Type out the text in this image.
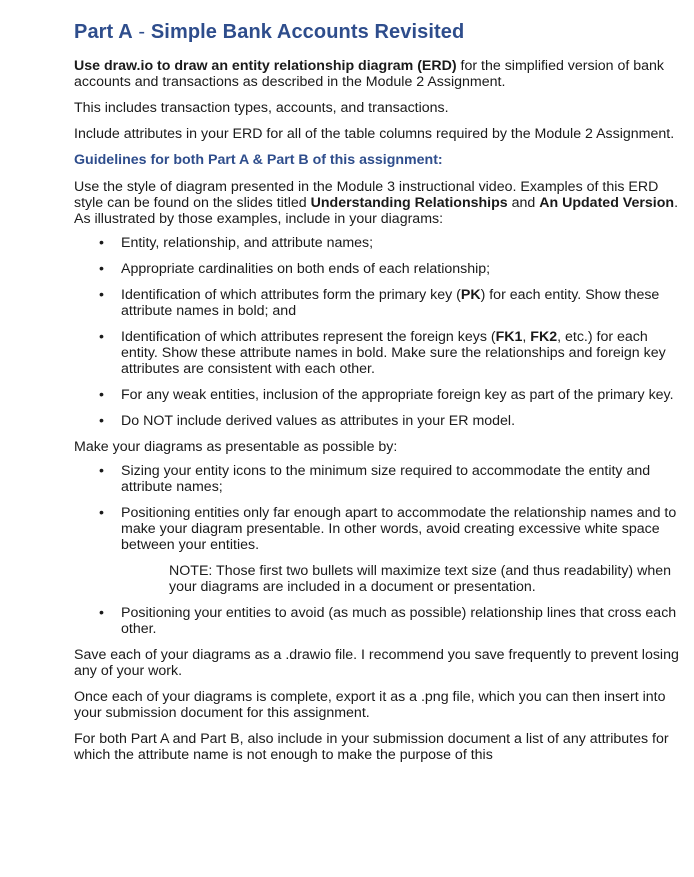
Part A - Simple Bank Accounts Revisited

Use draw.io to draw an entity relationship diagram (ERD) for the simplified version of bank accounts and transactions as described in the Module 2 Assignment.

This includes transaction types, accounts, and transactions.

Include attributes in your ERD for all of the table columns required by the Module 2 Assignment.

Guidelines for both Part A & Part B of this assignment:

Use the style of diagram presented in the Module 3 instructional video. Examples of this ERD style can be found on the slides titled Understanding Relationships and An Updated Version. As illustrated by those examples, include in your diagrams:

• Entity, relationship, and attribute names;
• Appropriate cardinalities on both ends of each relationship;
• Identification of which attributes form the primary key (PK) for each entity. Show these attribute names in bold; and
• Identification of which attributes represent the foreign keys (FK1, FK2, etc.) for each entity. Show these attribute names in bold. Make sure the relationships and foreign key attributes are consistent with each other.
• For any weak entities, inclusion of the appropriate foreign key as part of the primary key.
• Do NOT include derived values as attributes in your ER model.

Make your diagrams as presentable as possible by:

• Sizing your entity icons to the minimum size required to accommodate the entity and attribute names;
• Positioning entities only far enough apart to accommodate the relationship names and to make your diagram presentable. In other words, avoid creating excessive white space between your entities.
NOTE: Those first two bullets will maximize text size (and thus readability) when your diagrams are included in a document or presentation.
• Positioning your entities to avoid (as much as possible) relationship lines that cross each other.

Save each of your diagrams as a .drawio file. I recommend you save frequently to prevent losing any of your work.

Once each of your diagrams is complete, export it as a .png file, which you can then insert into your submission document for this assignment.

For both Part A and Part B, also include in your submission document a list of any attributes for which the attribute name is not enough to make the purpose of this
